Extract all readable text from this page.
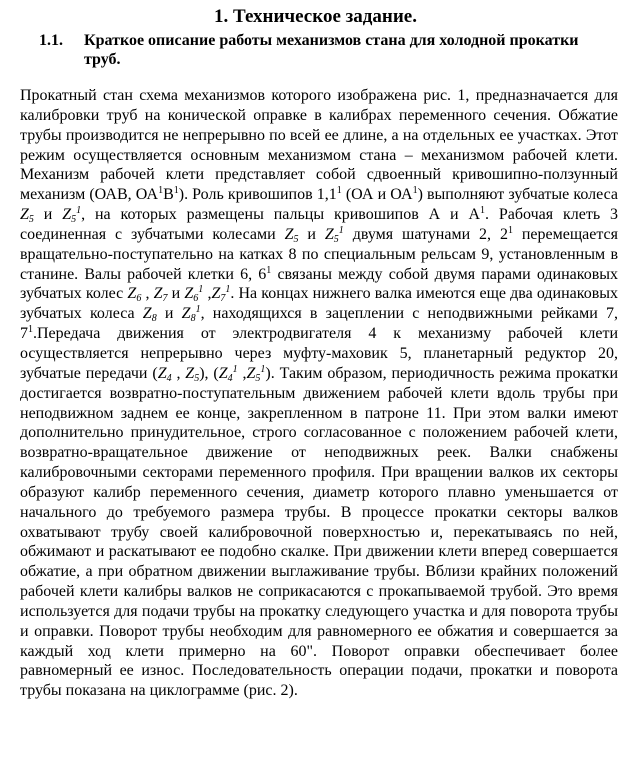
1. Техническое задание.
1.1. Краткое описание работы механизмов стана для холодной прокатки труб.
Прокатный стан схема механизмов которого изображена рис. 1, предназначается для калибровки труб на конической оправке в калибрах переменного сечения. Обжатие трубы производится не непрерывно по всей ее длине, а на отдельных ее участках. Этот режим осуществляется основным механизмом стана – механизмом рабочей клети. Механизм рабочей клети представляет собой сдвоенный кривошипно-ползунный механизм (ОАВ, $ОА^1В^1$). Роль кривошипов $1,1^1$ (ОА и $ОА^1$) выполняют зубчатые колеса $Z_5$ и $Z_5^1$, на которых размещены пальцы кривошипов А и $А^1$. Рабочая клеть 3 соединенная с зубчатыми колесами $Z_5$ и $Z_5^1$ двумя шатунами 2, $2^1$ перемещается вращательно-поступательно на катках 8 по специальным рельсам 9, установленным в станине. Валы рабочей клетки 6, $6^1$ связаны между собой двумя парами одинаковых зубчатых колес $Z_6$ , $Z_7$ и $Z_6^1$ $,Z_7^1$. На концах нижнего валка имеются еще два одинаковых зубчатых колеса $Z_8$ и $Z_8^1$, находящихся в зацеплении с неподвижными рейками 7, $7^1.Передача$ движения от электродвигателя 4 к механизму рабочей клети осуществляется непрерывно через муфту-маховик 5, планетарный редуктор 20, зубчатые передачи ($Z_4$ , $Z_5$), ($Z_4^1$ $,Z_5^1$). Таким образом, периодичность режима прокатки достигается возвратно-поступательным движением рабочей клети вдоль трубы при неподвижном заднем ее конце, закрепленном в патроне 11. При этом валки имеют дополнительно принудительное, строго согласованное с положением рабочей клети, возвратно-вращательное движение от неподвижных реек. Валки снабжены калибровочными секторами переменного профиля. При вращении валков их секторы образуют калибр переменного сечения, диаметр которого плавно уменьшается от начального до требуемого размера трубы. В процессе прокатки секторы валков охватывают трубу своей калибровочной поверхностью и, перекатываясь по ней, обжимают и раскатывают ее подобно скалке. При движении клети вперед совершается обжатие, а при обратном движении выглаживание трубы. Вблизи крайних положений рабочей клети калибры валков не соприкасаются с прокапываемой трубой. Это время используется для подачи трубы на прокатку следующего участка и для поворота трубы и оправки. Поворот трубы необходим для равномерного ее обжатия и совершается за каждый ход клети примерно на 60". Поворот оправки обеспечивает более равномерный ее износ. Последовательность операции подачи, прокатки и поворота трубы показана на циклограмме (рис. 2).
